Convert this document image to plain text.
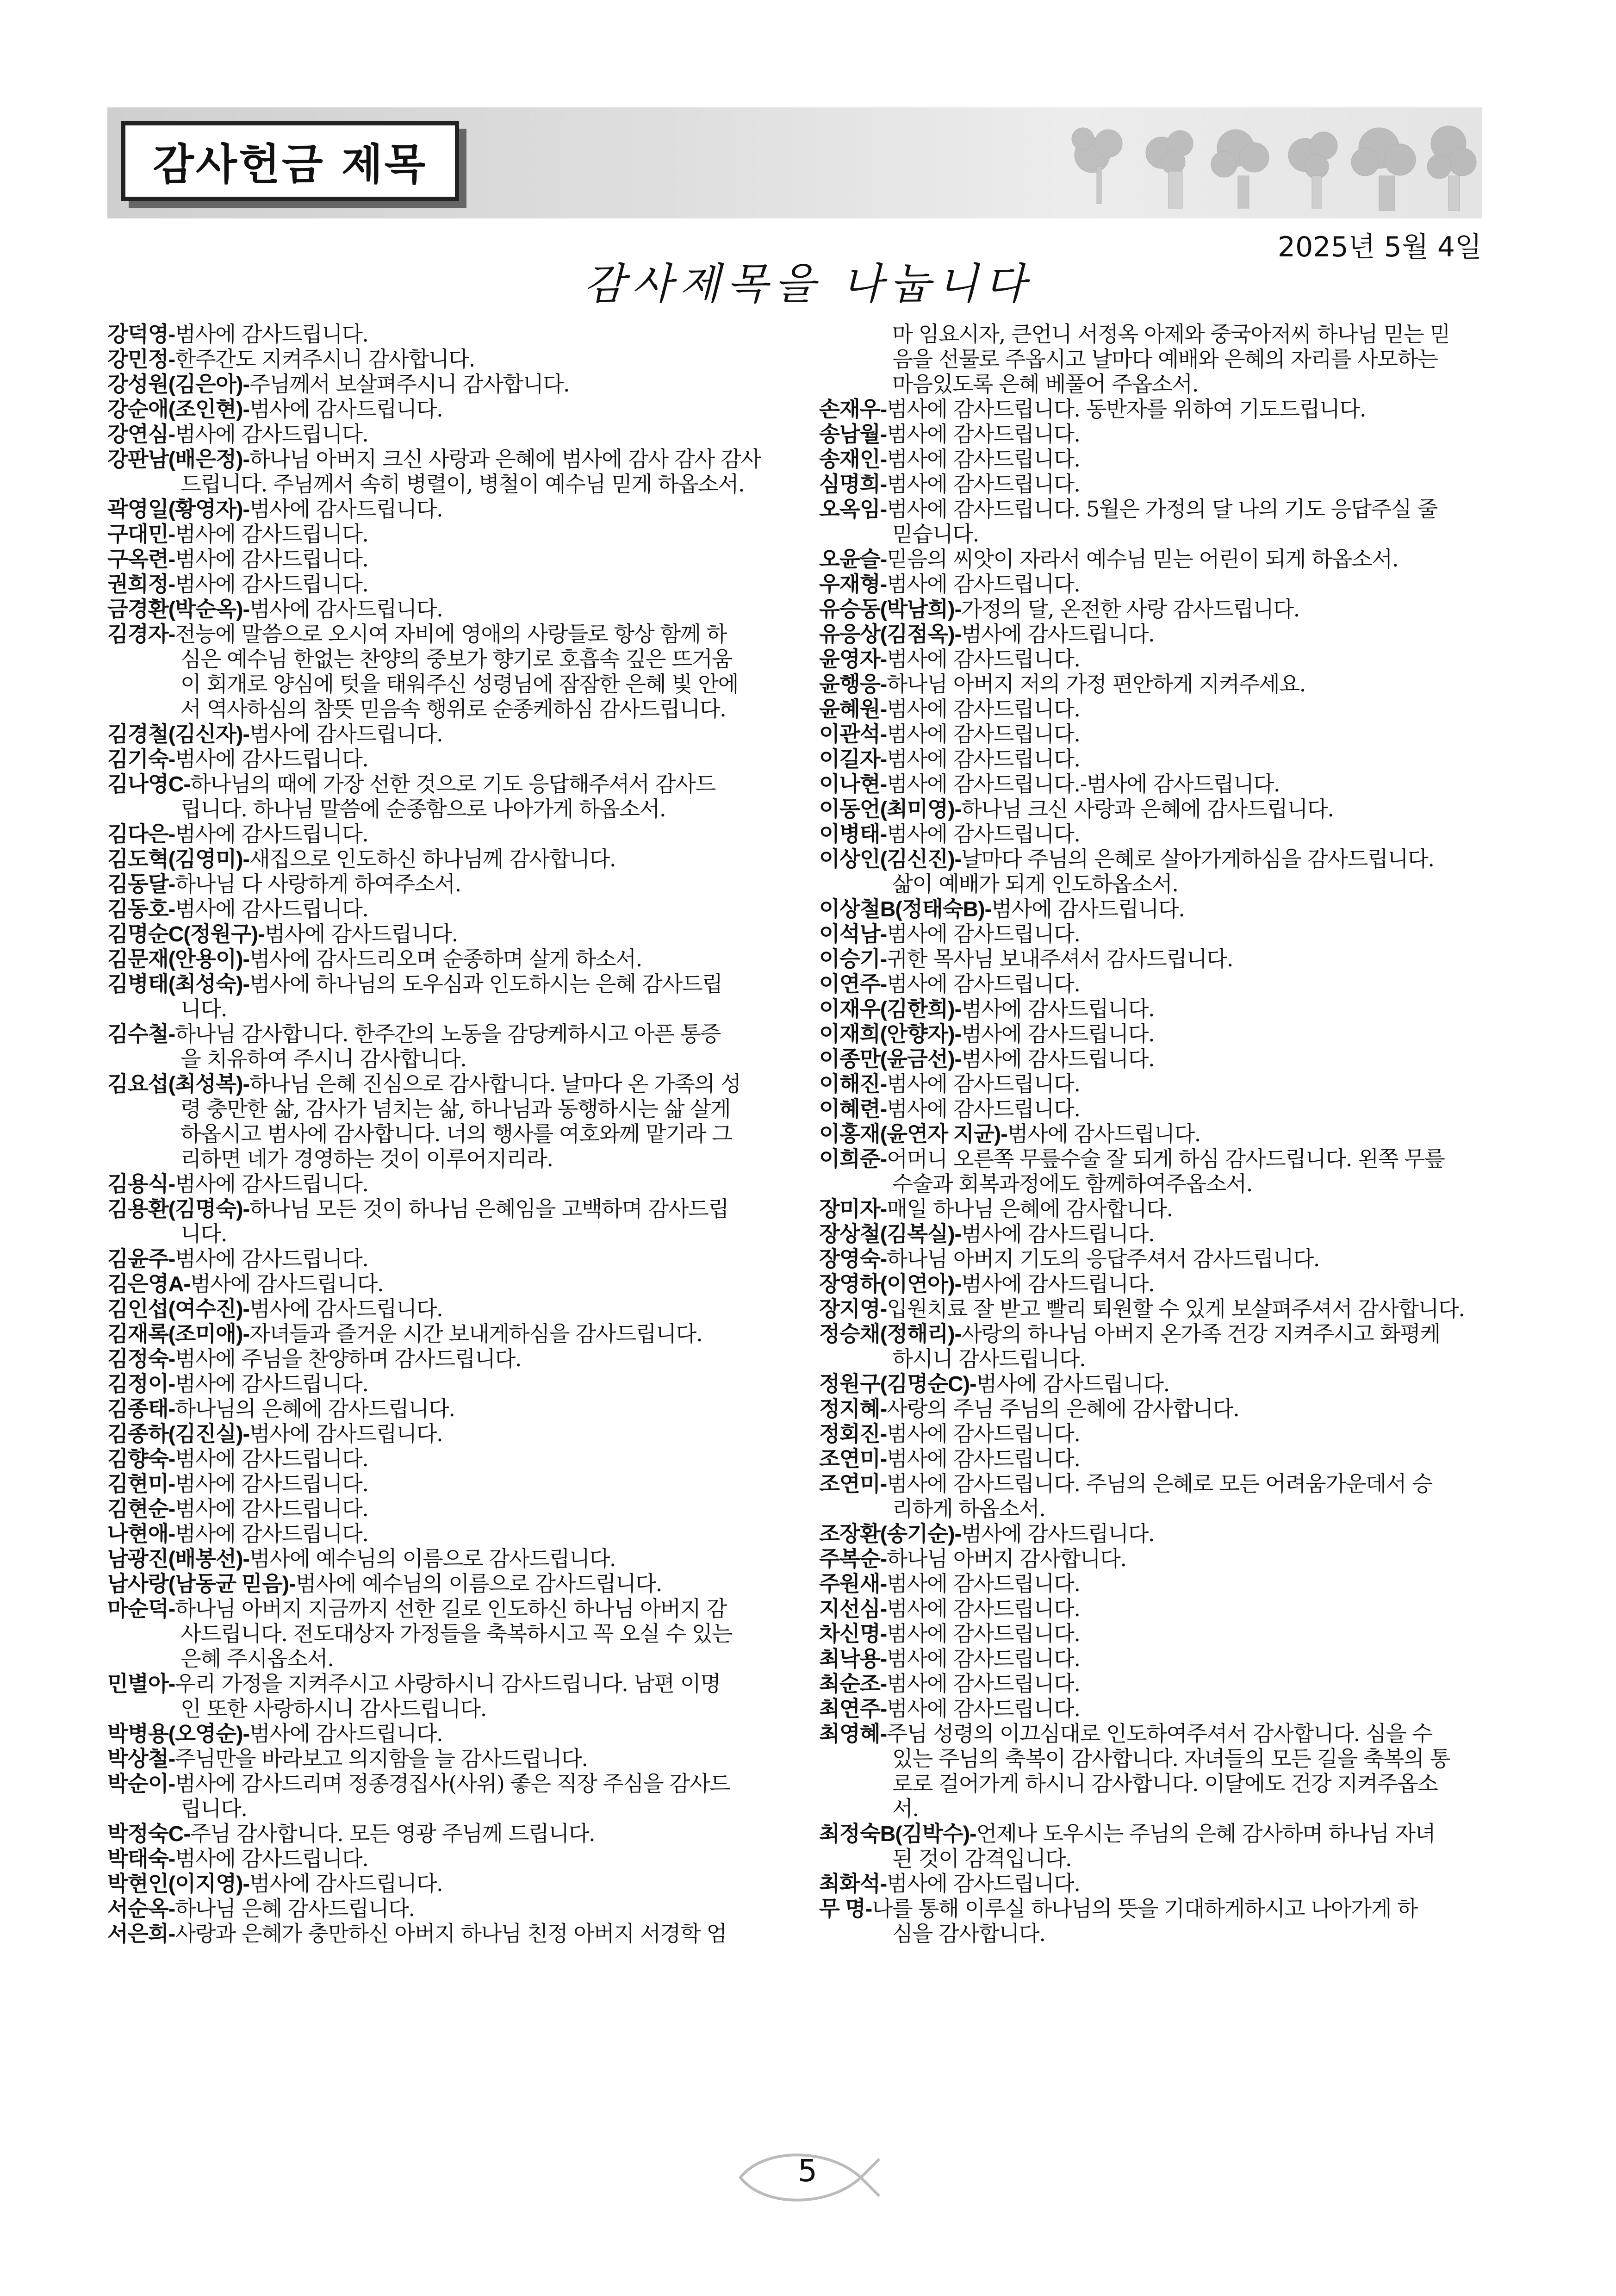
감사헌금 제목
2025년 5월 4일
감사제목을 나눕니다
강덕영- 범사에 감사드립니다.
강민정- 한주간도 지켜주시니 감사합니다.
강성원(김은아)- 주님께서 보살펴주시니 감사합니다.
강순애(조인현)- 범사에 감사드립니다.
강연심- 범사에 감사드립니다.
강판남(배은정)- 하나님 아버지 크신 사랑과 은혜에 범사에 감사 감사 감사
드립니다. 주님께서 속히 병렬이, 병철이 예수님 믿게 하옵소서.
곽영일(황영자)- 범사에 감사드립니다.
구대민- 범사에 감사드립니다.
구옥련- 범사에 감사드립니다.
권희정- 범사에 감사드립니다.
금경환(박순옥)- 범사에 감사드립니다.
김경자- 전능에 말씀으로 오시여 자비에 영애의 사랑들로 항상 함께 하
심은 예수님 한없는 찬양의 중보가 향기로 호흡속 깊은 뜨거움
이 회개로 양심에 텃을 태워주신 성령님에 잠잠한 은혜 빛 안에
서 역사하심의 참뜻 믿음속 행위로 순종케하심 감사드립니다.
김경철(김신자)- 범사에 감사드립니다.
김기숙- 범사에 감사드립니다.
김나영C- 하나님의 때에 가장 선한 것으로 기도 응답해주셔서 감사드
립니다. 하나님 말씀에 순종함으로 나아가게 하옵소서.
김다은- 범사에 감사드립니다.
김도혁(김영미)- 새집으로 인도하신 하나님께 감사합니다.
김동달- 하나님 다 사랑하게 하여주소서.
김동호- 범사에 감사드립니다.
김명순C(정원구)- 범사에 감사드립니다.
김문재(안용이)- 범사에 감사드리오며 순종하며 살게 하소서.
김병태(최성숙)- 범사에 하나님의 도우심과 인도하시는 은혜 감사드립
니다.
김수철- 하나님 감사합니다. 한주간의 노동을 감당케하시고 아픈 통증
을 치유하여 주시니 감사합니다.
김요섭(최성복)- 하나님 은혜 진심으로 감사합니다. 날마다 온 가족의 성
령 충만한 삶, 감사가 넘치는 삶, 하나님과 동행하시는 삶 살게
하옵시고 범사에 감사합니다. 너의 행사를 여호와께 맡기라 그
리하면 네가 경영하는 것이 이루어지리라.
김용식- 범사에 감사드립니다.
김용환(김명숙)- 하나님 모든 것이 하나님 은혜임을 고백하며 감사드립
니다.
김윤주- 범사에 감사드립니다.
김은영A- 범사에 감사드립니다.
김인섭(여수진)- 범사에 감사드립니다.
김재록(조미애)- 자녀들과 즐거운 시간 보내게하심을 감사드립니다.
김정숙- 범사에 주님을 찬양하며 감사드립니다.
김정이- 범사에 감사드립니다.
김종태- 하나님의 은혜에 감사드립니다.
김종하(김진실)- 범사에 감사드립니다.
김향숙- 범사에 감사드립니다.
김현미- 범사에 감사드립니다.
김현순- 범사에 감사드립니다.
나현애- 범사에 감사드립니다.
남광진(배봉선)- 범사에 예수님의 이름으로 감사드립니다.
남사랑(남동균 믿음)- 범사에 예수님의 이름으로 감사드립니다.
마순덕- 하나님 아버지 지금까지 선한 길로 인도하신 하나님 아버지 감
사드립니다. 전도대상자 가정들을 축복하시고 꼭 오실 수 있는
은혜 주시옵소서.
민별아- 우리 가정을 지켜주시고 사랑하시니 감사드립니다. 남편 이명
인 또한 사랑하시니 감사드립니다.
박병용(오영순)- 범사에 감사드립니다.
박상철- 주님만을 바라보고 의지함을 늘 감사드립니다.
박순이- 범사에 감사드리며 정종경집사(사위) 좋은 직장 주심을 감사드
립니다.
박정숙C- 주님 감사합니다. 모든 영광 주님께 드립니다.
박태숙- 범사에 감사드립니다.
박현인(이지영)- 범사에 감사드립니다.
서순옥- 하나님 은혜 감사드립니다.
서은희- 사랑과 은혜가 충만하신 아버지 하나님 친정 아버지 서경학 엄
마 임요시자, 큰언니 서정옥 아제와 중국아저씨 하나님 믿는 믿
음을 선물로 주옵시고 날마다 예배와 은혜의 자리를 사모하는
마음있도록 은혜 베풀어 주옵소서.
손재우- 범사에 감사드립니다. 동반자를 위하여 기도드립니다.
송남월- 범사에 감사드립니다.
송재인- 범사에 감사드립니다.
심명희- 범사에 감사드립니다.
오옥임- 범사에 감사드립니다. 5월은 가정의 달 나의 기도 응답주실 줄
믿습니다.
오윤슬- 믿음의 씨앗이 자라서 예수님 믿는 어린이 되게 하옵소서.
우재형- 범사에 감사드립니다.
유승동(박남희)- 가정의 달, 온전한 사랑 감사드립니다.
유응상(김점옥)- 범사에 감사드립니다.
윤영자- 범사에 감사드립니다.
윤행응- 하나님 아버지 저의 가정 편안하게 지켜주세요.
윤혜원- 범사에 감사드립니다.
이관석- 범사에 감사드립니다.
이길자- 범사에 감사드립니다.
이나현- 범사에 감사드립니다.-범사에 감사드립니다.
이동언(최미영)- 하나님 크신 사랑과 은혜에 감사드립니다.
이병태- 범사에 감사드립니다.
이상인(김신진)- 날마다 주님의 은혜로 살아가게하심을 감사드립니다.
삶이 예배가 되게 인도하옵소서.
이상철B(정태숙B)- 범사에 감사드립니다.
이석남- 범사에 감사드립니다.
이승기- 귀한 목사님 보내주셔서 감사드립니다.
이연주- 범사에 감사드립니다.
이재우(김한희)- 범사에 감사드립니다.
이재희(안향자)- 범사에 감사드립니다.
이종만(윤금선)- 범사에 감사드립니다.
이해진- 범사에 감사드립니다.
이혜련- 범사에 감사드립니다.
이홍재(윤연자 지균)- 범사에 감사드립니다.
이희준- 어머니 오른쪽 무릎수술 잘 되게 하심 감사드립니다. 왼쪽 무릎
수술과 회복과정에도 함께하여주옵소서.
장미자- 매일 하나님 은혜에 감사합니다.
장상철(김복실)- 범사에 감사드립니다.
장영숙- 하나님 아버지 기도의 응답주셔서 감사드립니다.
장영하(이연아)- 범사에 감사드립니다.
장지영- 입원치료 잘 받고 빨리 퇴원할 수 있게 보살펴주셔서 감사합니다.
정승채(정해리)- 사랑의 하나님 아버지 온가족 건강 지켜주시고 화평케
하시니 감사드립니다.
정원구(김명순C)- 범사에 감사드립니다.
정지혜- 사랑의 주님 주님의 은혜에 감사합니다.
정회진- 범사에 감사드립니다.
조연미- 범사에 감사드립니다.
조연미- 범사에 감사드립니다. 주님의 은혜로 모든 어려움가운데서 승
리하게 하옵소서.
조장환(송기순)- 범사에 감사드립니다.
주복순- 하나님 아버지 감사합니다.
주원새- 범사에 감사드립니다.
지선심- 범사에 감사드립니다.
차신명- 범사에 감사드립니다.
최낙용- 범사에 감사드립니다.
최순조- 범사에 감사드립니다.
최연주- 범사에 감사드립니다.
최영혜- 주님 성령의 이끄심대로 인도하여주셔서 감사합니다. 심을 수
있는 주님의 축복이 감사합니다. 자녀들의 모든 길을 축복의 통
로로 걸어가게 하시니 감사합니다. 이달에도 건강 지켜주옵소
서.
최정숙B(김박수)- 언제나 도우시는 주님의 은혜 감사하며 하나님 자녀
된 것이 감격입니다.
최화석- 범사에 감사드립니다.
무 명- 나를 통해 이루실 하나님의 뜻을 기대하게하시고 나아가게 하
심을 감사합니다.
5
